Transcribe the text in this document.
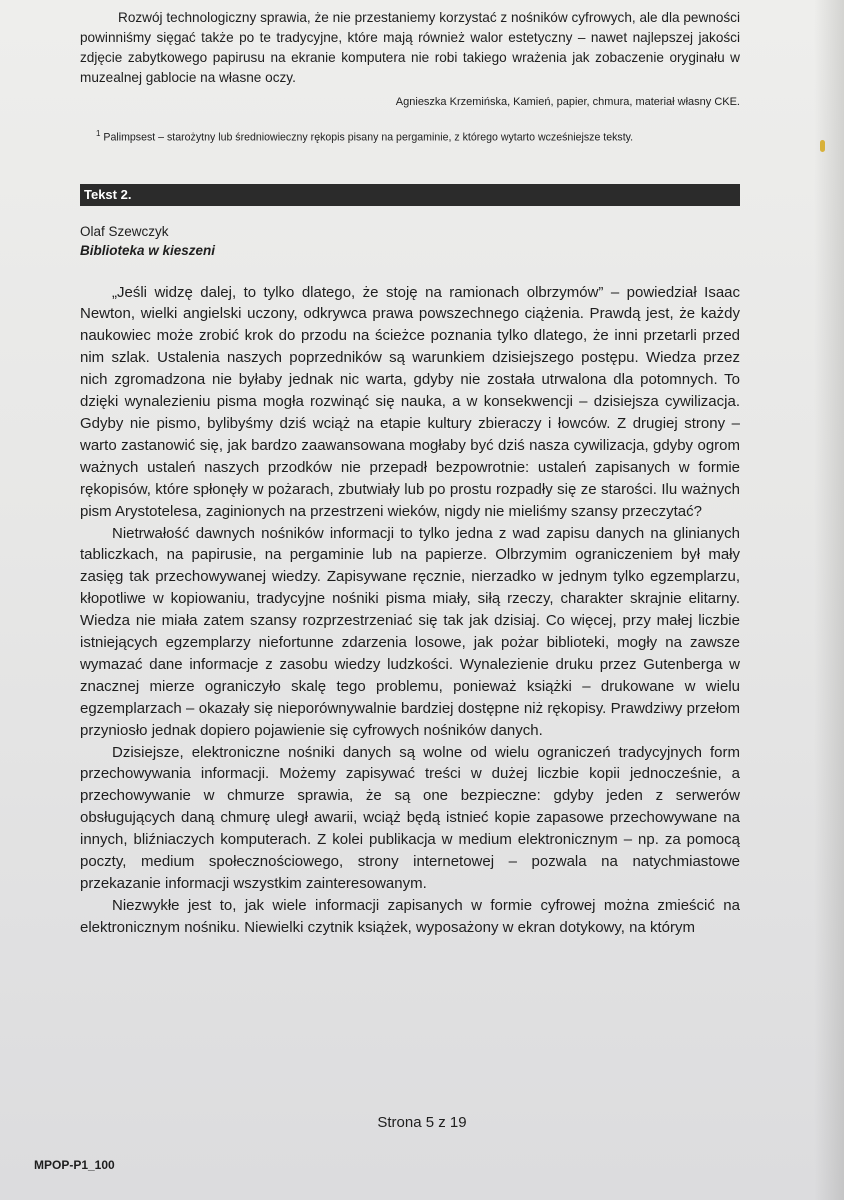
Rozwój technologiczny sprawia, że nie przestaniemy korzystać z nośników cyfrowych, ale dla pewności powinniśmy sięgać także po te tradycyjne, które mają również walor estetyczny – nawet najlepszej jakości zdjęcie zabytkowego papirusu na ekranie komputera nie robi takiego wrażenia jak zobaczenie oryginału w muzealnej gablocie na własne oczy.

Agnieszka Krzemińska, Kamień, papier, chmura, materiał własny CKE.
$^1$ Palimpsest – starożytny lub średniowieczny rękopis pisany na pergaminie, z którego wytarto wcześniejsze teksty.
Tekst 2.
Olaf Szewczyk
Biblioteka w kieszeni

„Jeśli widzę dalej, to tylko dlatego, że stoję na ramionach olbrzymów” – powiedział Isaac Newton, wielki angielski uczony, odkrywca prawa powszechnego ciążenia. Prawdą jest, że każdy naukowiec może zrobić krok do przodu na ścieżce poznania tylko dlatego, że inni przetarli przed nim szlak. Ustalenia naszych poprzedników są warunkiem dzisiejszego postępu. Wiedza przez nich zgromadzona nie byłaby jednak nic warta, gdyby nie została utrwalona dla potomnych. To dzięki wynalezieniu pisma mogła rozwinąć się nauka, a w konsekwencji – dzisiejsza cywilizacja. Gdyby nie pismo, bylibyśmy dziś wciąż na etapie kultury zbieraczy i łowców. Z drugiej strony – warto zastanowić się, jak bardzo zaawansowana mogłaby być dziś nasza cywilizacja, gdyby ogrom ważnych ustaleń naszych przodków nie przepadł bezpowrotnie: ustaleń zapisanych w formie rękopisów, które spłonęły w pożarach, zbutwiały lub po prostu rozpadły się ze starości. Ilu ważnych pism Arystotelesa, zaginionych na przestrzeni wieków, nigdy nie mieliśmy szansy przeczytać?

Nietrwałość dawnych nośników informacji to tylko jedna z wad zapisu danych na glinianych tabliczkach, na papirusie, na pergaminie lub na papierze. Olbrzymim ograniczeniem był mały zasięg tak przechowywanej wiedzy. Zapisywane ręcznie, nierzadko w jednym tylko egzemplarzu, kłopotliwe w kopiowaniu, tradycyjne nośniki pisma miały, siłą rzeczy, charakter skrajnie elitarny. Wiedza nie miała zatem szansy rozprzestrzeniać się tak jak dzisiaj. Co więcej, przy małej liczbie istniejących egzemplarzy niefortunne zdarzenia losowe, jak pożar biblioteki, mogły na zawsze wymazać dane informacje z zasobu wiedzy ludzkości. Wynalezienie druku przez Gutenberga w znacznej mierze ograniczyło skalę tego problemu, ponieważ książki – drukowane w wielu egzemplarzach – okazały się nieporównywalnie bardziej dostępne niż rękopisy. Prawdziwy przełom przyniosło jednak dopiero pojawienie się cyfrowych nośników danych.

Dzisiejsze, elektroniczne nośniki danych są wolne od wielu ograniczeń tradycyjnych form przechowywania informacji. Możemy zapisywać treści w dużej liczbie kopii jednocześnie, a przechowywanie w chmurze sprawia, że są one bezpieczne: gdyby jeden z serwerów obsługujących daną chmurę uległ awarii, wciąż będą istnieć kopie zapasowe przechowywane na innych, bliźniaczych komputerach. Z kolei publikacja w medium elektronicznym – np. za pomocą poczty, medium społecznościowego, strony internetowej – pozwala na natychmiastowe przekazanie informacji wszystkim zainteresowanym.

Niezwykłe jest to, jak wiele informacji zapisanych w formie cyfrowej można zmieścić na elektronicznym nośniku. Niewielki czytnik książek, wyposażony w ekran dotykowy, na którym

Strona 5 z 19
MPOP-P1_100
